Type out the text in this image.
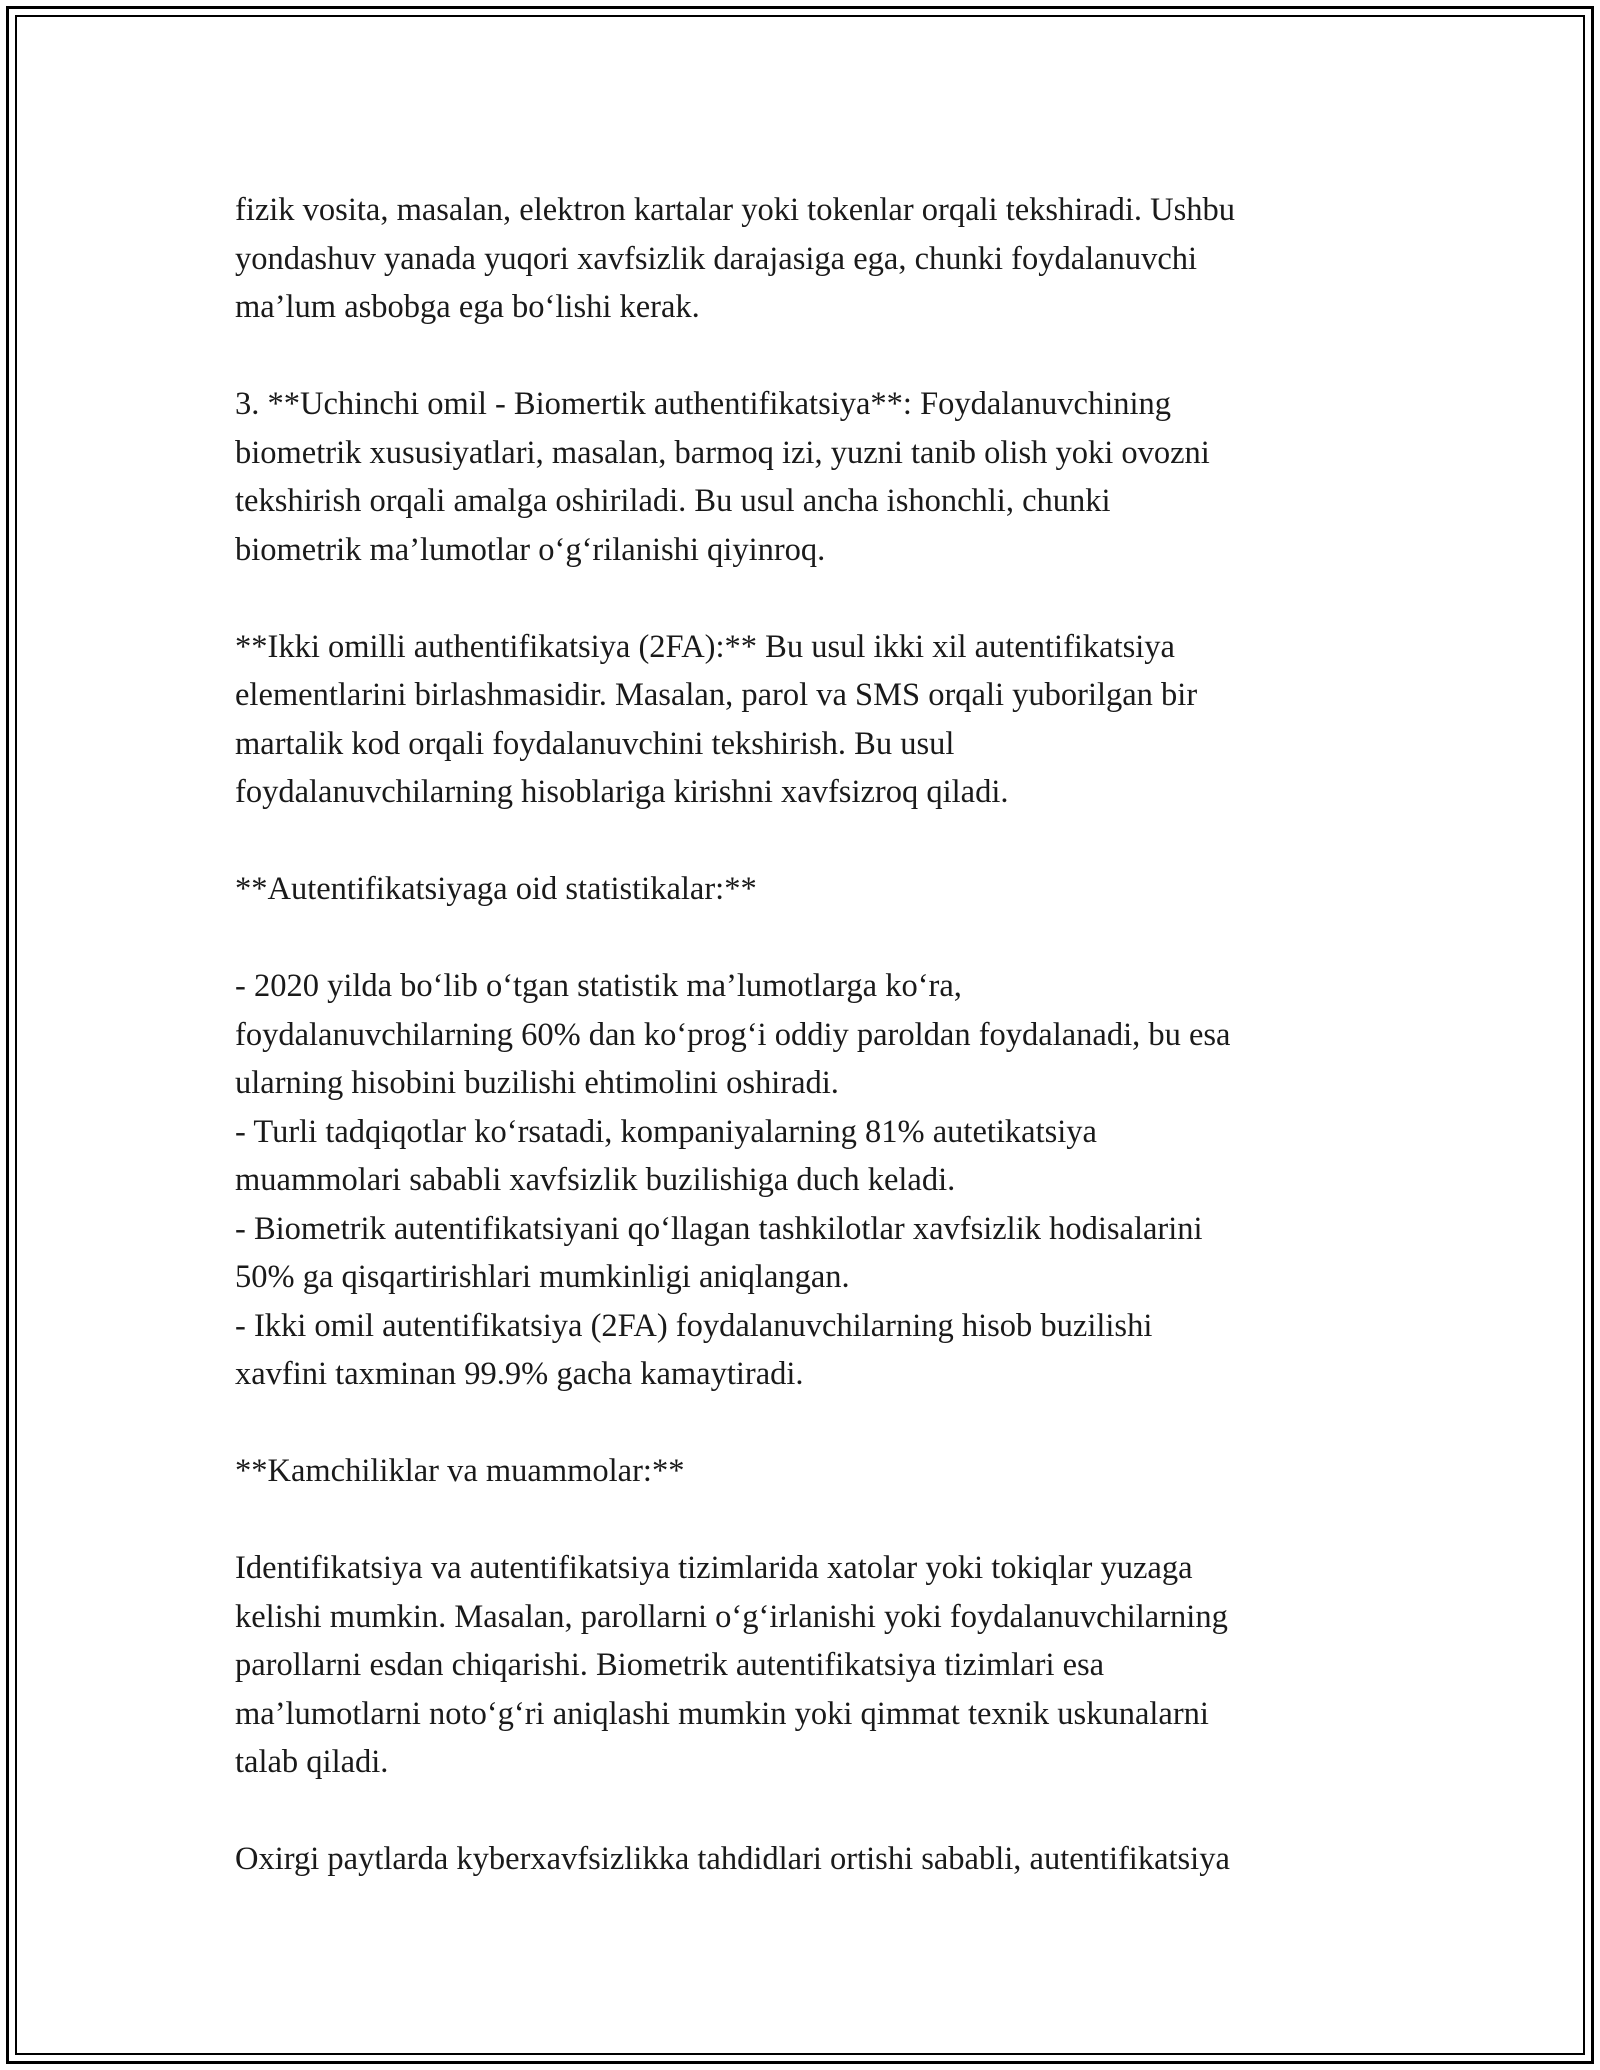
fizik vosita, masalan, elektron kartalar yoki tokenlar orqali tekshiradi. Ushbu
yondashuv yanada yuqori xavfsizlik darajasiga ega, chunki foydalanuvchi
ma’lum asbobga ega bo‘lishi kerak.

3. **Uchinchi omil - Biomertik authentifikatsiya**: Foydalanuvchining
biometrik xususiyatlari, masalan, barmoq izi, yuzni tanib olish yoki ovozni
tekshirish orqali amalga oshiriladi. Bu usul ancha ishonchli, chunki
biometrik ma’lumotlar o‘g‘rilanishi qiyinroq.

**Ikki omilli authentifikatsiya (2FA):** Bu usul ikki xil autentifikatsiya
elementlarini birlashmasidir. Masalan, parol va SMS orqali yuborilgan bir
martalik kod orqali foydalanuvchini tekshirish. Bu usul
foydalanuvchilarning hisoblariga kirishni xavfsizroq qiladi.

**Autentifikatsiyaga oid statistikalar:**

- 2020 yilda bo‘lib o‘tgan statistik ma’lumotlarga ko‘ra,
foydalanuvchilarning 60% dan ko‘prog‘i oddiy paroldan foydalanadi, bu esa
ularning hisobini buzilishi ehtimolini oshiradi.
- Turli tadqiqotlar ko‘rsatadi, kompaniyalarning 81% autetikatsiya
muammolari sababli xavfsizlik buzilishiga duch keladi.
- Biometrik autentifikatsiyani qo‘llagan tashkilotlar xavfsizlik hodisalarini
50% ga qisqartirishlari mumkinligi aniqlangan.
- Ikki omil autentifikatsiya (2FA) foydalanuvchilarning hisob buzilishi
xavfini taxminan 99.9% gacha kamaytiradi.

**Kamchiliklar va muammolar:**

Identifikatsiya va autentifikatsiya tizimlarida xatolar yoki tokiqlar yuzaga
kelishi mumkin. Masalan, parollarni o‘g‘irlanishi yoki foydalanuvchilarning
parollarni esdan chiqarishi. Biometrik autentifikatsiya tizimlari esa
ma’lumotlarni noto‘g‘ri aniqlashi mumkin yoki qimmat texnik uskunalarni
talab qiladi.

Oxirgi paytlarda kyberxavfsizlikka tahdidlari ortishi sababli, autentifikatsiya
